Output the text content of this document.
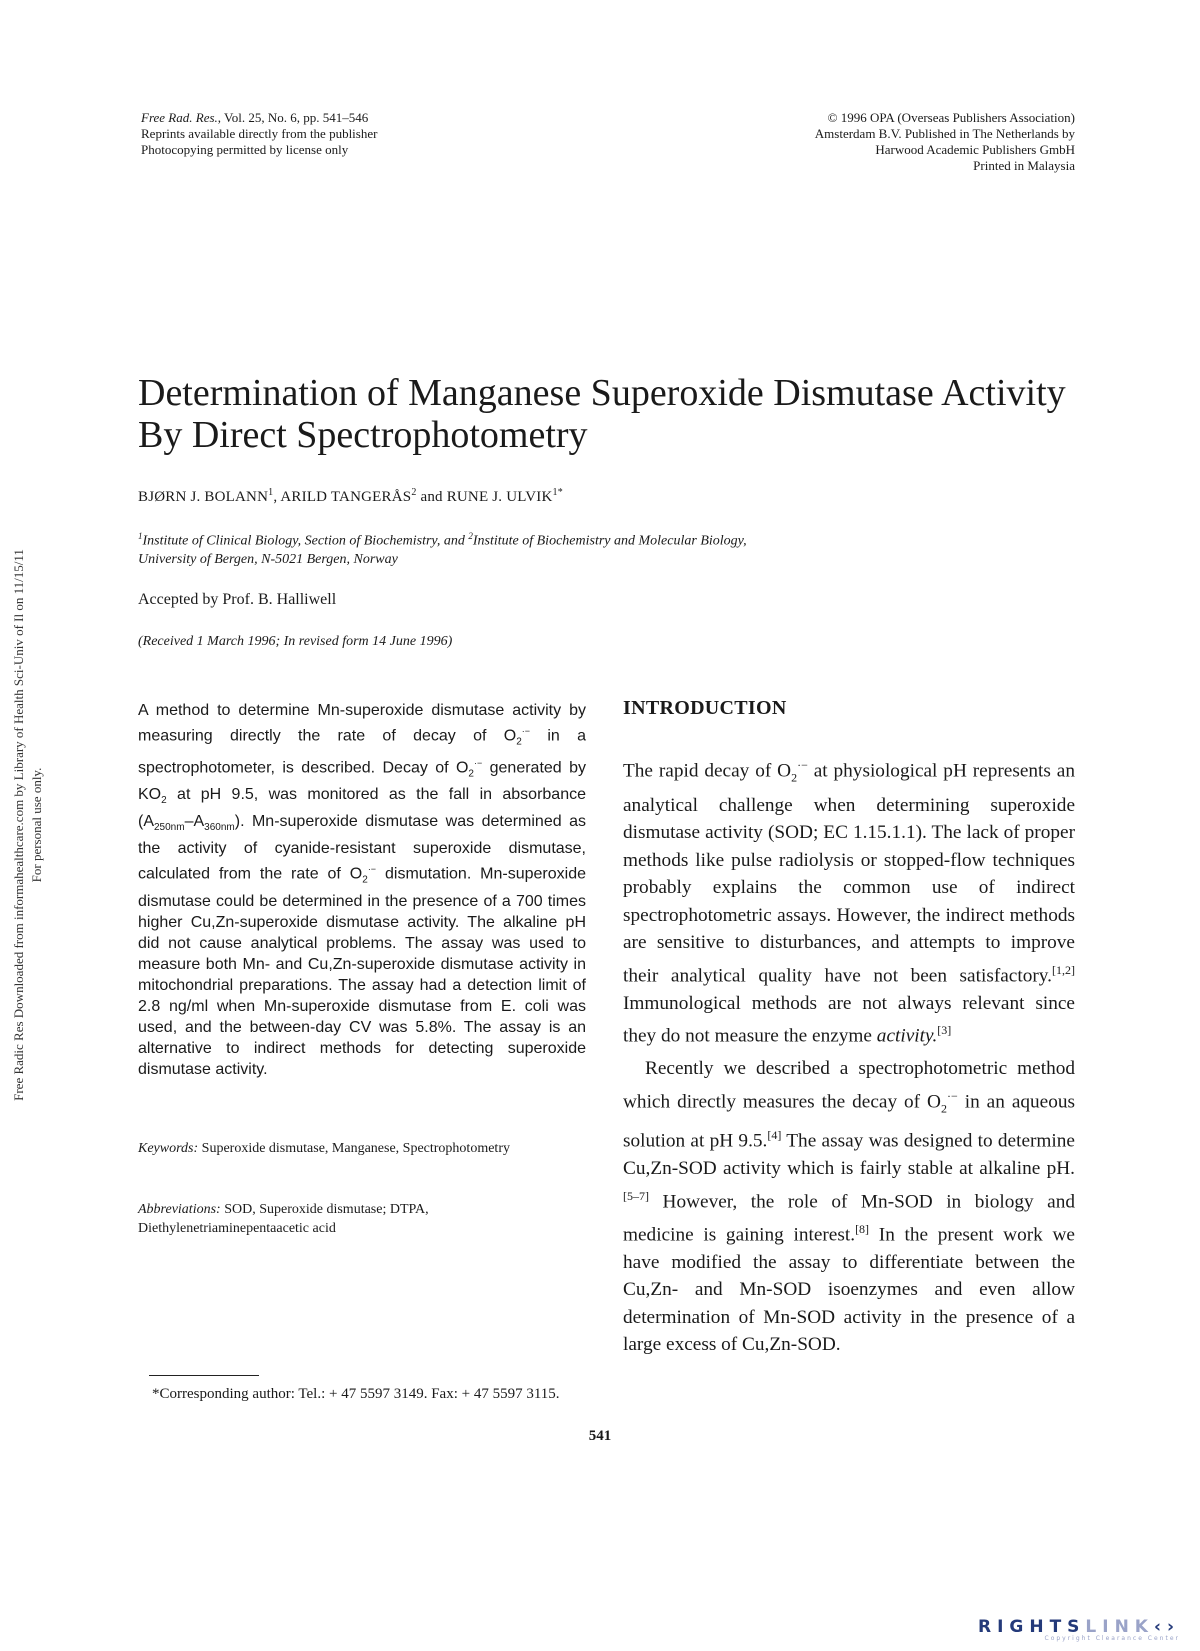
Free Rad. Res., Vol. 25, No. 6, pp. 541–546
Reprints available directly from the publisher
Photocopying permitted by license only
© 1996 OPA (Overseas Publishers Association)
Amsterdam B.V. Published in The Netherlands by
Harwood Academic Publishers GmbH
Printed in Malaysia
Free Radic Res Downloaded from informahealthcare.com by Library of Health Sci-Univ of Il on 11/15/11 For personal use only.
Determination of Manganese Superoxide Dismutase Activity By Direct Spectrophotometry
BJØRN J. BOLANN$^1$, ARILD TANGERÅS$^2$ and RUNE J. $ULVIK^{1*}$
$^1$Institute of Clinical Biology, Section of Biochemistry, and $^2$Institute of Biochemistry and Molecular Biology,
University of Bergen, N-5021 Bergen, Norway
Accepted by Prof. B. Halliwell
(Received 1 March 1996; In revised form 14 June 1996)
A method to determine Mn-superoxide dismutase activity by measuring directly the rate of decay of $O_2^{\cdot-}$ in a spectrophotometer, is described. Decay of $O_2^{\cdot-}$ generated by $KO_2$ at pH 9.5, was monitored as the fall in absorbance $(A_{250nm}-A_{360nm})$. Mn-superoxide dismutase was determined as the activity of cyanide-resistant superoxide dismutase, calculated from the rate of $O_2^{\cdot-}$ dismutation. Mn-superoxide dismutase could be determined in the presence of a 700 times higher Cu,Zn-superoxide dismutase activity. The alkaline pH did not cause analytical problems. The assay was used to measure both Mn- and Cu,Zn-superoxide dismutase activity in mitochondrial preparations. The assay had a detection limit of 2.8 ng/ml when Mn-superoxide dismutase from E. coli was used, and the between-day CV was 5.8%. The assay is an alternative to indirect methods for detecting superoxide dismutase activity.
Keywords: Superoxide dismutase, Manganese, Spectrophotometry
Abbreviations: SOD, Superoxide dismutase; DTPA, Diethylenetriaminepentaacetic acid
INTRODUCTION

The rapid decay of $O_2^{\cdot-}$ at physiological pH represents an analytical challenge when determining superoxide dismutase activity (SOD; EC 1.15.1.1). The lack of proper methods like pulse radiolysis or stopped-flow techniques probably explains the common use of indirect spectrophotometric assays. However, the indirect methods are sensitive to disturbances, and attempts to improve their analytical quality have not been satisfactory.[1,2] Immunological methods are not always relevant since they do not measure the enzyme activity.[3]

Recently we described a spectrophotometric method which directly measures the decay of $O_2^{\cdot-}$ in an aqueous solution at pH 9.5.[4] The assay was designed to determine Cu,Zn-SOD activity which is fairly stable at alkaline pH.[5–7] However, the role of Mn-SOD in biology and medicine is gaining interest.[8] In the present work we have modified the assay to differentiate between the Cu,Zn- and Mn-SOD isoenzymes and even allow determination of Mn-SOD activity in the presence of a large excess of Cu,Zn-SOD.

*Corresponding author: Tel.: + 47 5597 3149. Fax: + 47 5597 3115.
541
RIGHTSLINK‹›
Copyright Clearance Center
